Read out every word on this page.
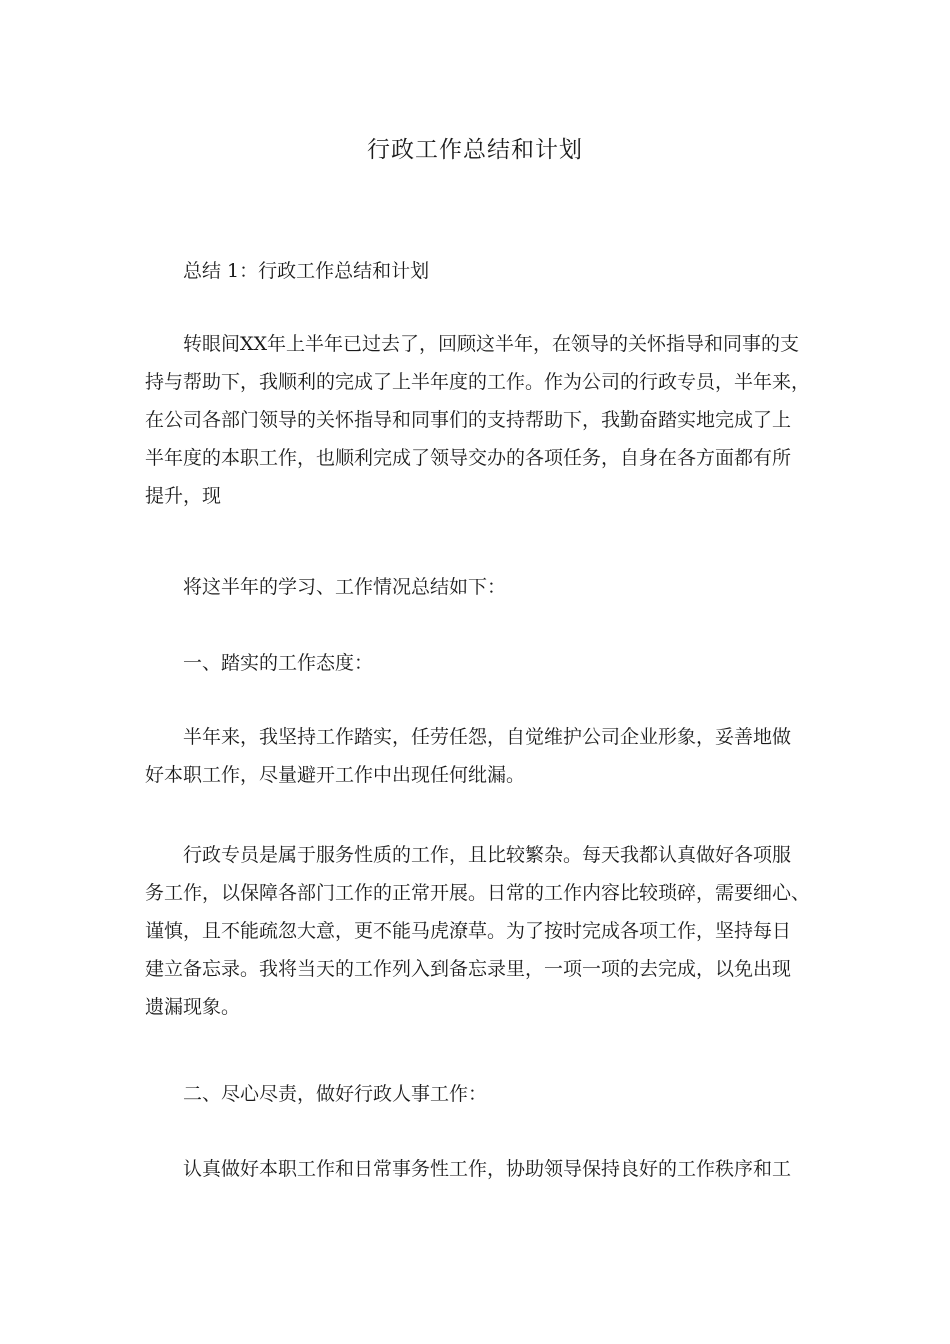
行政工作总结和计划

总结 1：行政工作总结和计划

转眼间XX年上半年已过去了，回顾这半年，在领导的关怀指导和同事的支
持与帮助下，我顺利的完成了上半年度的工作。作为公司的行政专员，半年来，
在公司各部门领导的关怀指导和同事们的支持帮助下，我勤奋踏实地完成了上
半年度的本职工作，也顺利完成了领导交办的各项任务，自身在各方面都有所
提升，现

将这半年的学习、工作情况总结如下：

一、踏实的工作态度：

半年来，我坚持工作踏实，任劳任怨，自觉维护公司企业形象，妥善地做
好本职工作，尽量避开工作中出现任何纰漏。
行政专员是属于服务性质的工作，且比较繁杂。每天我都认真做好各项服
务工作，以保障各部门工作的正常开展。日常的工作内容比较琐碎，需要细心、
谨慎，且不能疏忽大意，更不能马虎潦草。为了按时完成各项工作，坚持每日
建立备忘录。我将当天的工作列入到备忘录里，一项一项的去完成，以免出现
遗漏现象。

二、尽心尽责，做好行政人事工作：

认真做好本职工作和日常事务性工作，协助领导保持良好的工作秩序和工
